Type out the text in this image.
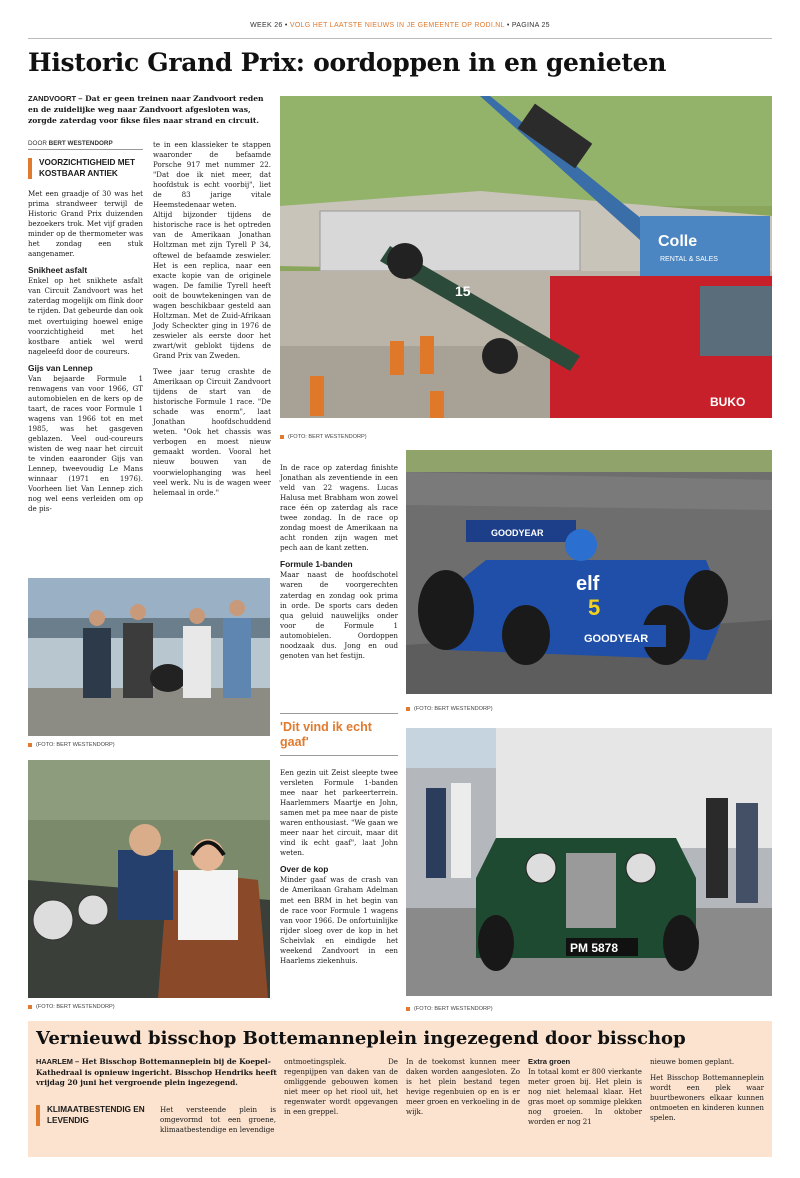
WEEK 26 • VOLG HET LAATSTE NIEUWS IN JE GEMEENTE OP RODI.NL • PAGINA 25
Historic Grand Prix: oordoppen in en genieten
ZANDVOORT – Dat er geen treinen naar Zandvoort reden en de zuidelijke weg naar Zandvoort afgesloten was, zorgde zaterdag voor fikse files naar strand en circuit.
DOOR BERT WESTENDORP
VOORZICHTIGHEID MET KOSTBAAR ANTIEK

Met een graadje of 30 was het prima strandweer terwijl de Historic Grand Prix duizenden bezoekers trok. Met vijf graden minder op de thermometer was het zondag een stuk aangenamer.

Snikheet asfalt

Enkel op het snikhete asfalt van Circuit Zandvoort was het zaterdag mogelijk om flink door te rijden. Dat gebeurde dan ook met overtuiging hoewel enige voorzichtigheid met het kostbare antiek wel werd nageleefd door de coureurs.

Gijs van Lennep

Van bejaarde Formule 1 renwagens van voor 1966, GT automobielen en de kers op de taart, de races voor Formule 1 wagens van 1966 tot en met 1985, was het gasgeven geblazen. Veel oud-coureurs wisten de weg naar het circuit te vinden eaaronder Gijs van Lennep, tweevoudig Le Mans winnaar (1971 en 1976). Voorheen liet Van Lennep zich nog wel eens verleiden om op de pis-

te in een klassieker te stappen waaronder de befaamde Porsche 917 met nummer 22. "Dat doe ik niet meer, dat hoofdstuk is echt voorbij", liet de 83 jarige vitale Heemstedenaar weten.

Altijd bijzonder tijdens de historische race is het optreden van de Amerikaan Jonathan Holtzman met zijn Tyrell P 34, oftewel de befaamde zeswieler. Het is een replica, naar een exacte kopie van de originele wagen. De familie Tyrell heeft ooit de bouwtekeningen van de wagen beschikbaar gesteld aan Holtzman. Met de Zuid-Afrikaan Jody Scheckter ging in 1976 de zeswieler als eerste door het zwart/wit geblokt tijdens de Grand Prix van Zweden.

Twee jaar terug crashte de Amerikaan op Circuit Zandvoort tijdens de start van de historische Formule 1 race. "De schade was enorm", laat Jonathan hoofdschuddend weten. "Ook het chassis was verbogen en moest nieuw gemaakt worden. Vooral het nieuw bouwen van de voorwielophanging was heel veel werk. Nu is de wagen weer helemaal in orde."

Colle
RENTAL & SALES
BUKO
15
(FOTO: BERT WESTENDORP)

In de race op zaterdag finishte Jonathan als zeventiende in een veld van 22 wagens. Lucas Halusa met Brabham won zowel race één op zaterdag als race twee zondag. In de race op zondag moest de Amerikaan na acht ronden zijn wagen met pech aan de kant zetten.

Formule 1-banden

Maar naast de hoofdschotel waren de voorgerechten zaterdag en zondag ook prima in orde. De sports cars deden qua geluid nauwelijks onder voor de Formule 1 automobielen. Oordoppen noodzaak dus. Jong en oud genoten van het festijn.

'Dit vind ik echt gaaf'

Een gezin uit Zeist sleepte twee versleten Formule 1-banden mee naar het parkeerterrein. Haarlemmers Maartje en John, samen met pa mee naar de piste waren enthousiast. "We gaan we meer naar het circuit, maar dit vind ik echt gaaf", laat John weten.

Over de kop

Minder gaaf was de crash van de Amerikaan Graham Adelman met een BRM in het begin van de race voor Formule 1 wagens van voor 1966. De onfortuinlijke rijder sloeg over de kop in het Scheivlak en eindigde het weekend Zandvoort in een Haarlems ziekenhuis.

GOODYEAR
elf
5
GOODYEAR
(FOTO: BERT WESTENDORP)
(FOTO: BERT WESTENDORP)
(FOTO: BERT WESTENDORP)
PM 5878
(FOTO: BERT WESTENDORP)
Vernieuwd bisschop Bottemanneplein ingezegend door bisschop
HAARLEM – Het Bisschop Bottemanneplein bij de Koepel-Kathedraal is opnieuw ingericht. Bisschop Hendriks heeft vrijdag 20 juni het vergroende plein ingezegend.
KLIMAATBESTENDIG EN LEVENDIG

Het versteende plein is omgevormd tot een groene, klimaatbestendige en levendige

ontmoetingsplek. De regenpijpen van daken van de omliggende gebouwen komen niet meer op het riool uit, het regenwater wordt opgevangen in een greppel.

In de toekomst kunnen meer daken worden aangesloten. Zo is het plein bestand tegen hevige regenbuien op en is er meer groen en verkoeling in de wijk.

Extra groen

In totaal komt er 800 vierkante meter groen bij. Het plein is nog niet helemaal klaar. Het gras moet op sommige plekken nog groeien. In oktober worden er nog 21

nieuwe bomen geplant.

Het Bisschop Bottemanneplein wordt een plek waar buurtbewoners elkaar kunnen ontmoeten en kinderen kunnen spelen.
